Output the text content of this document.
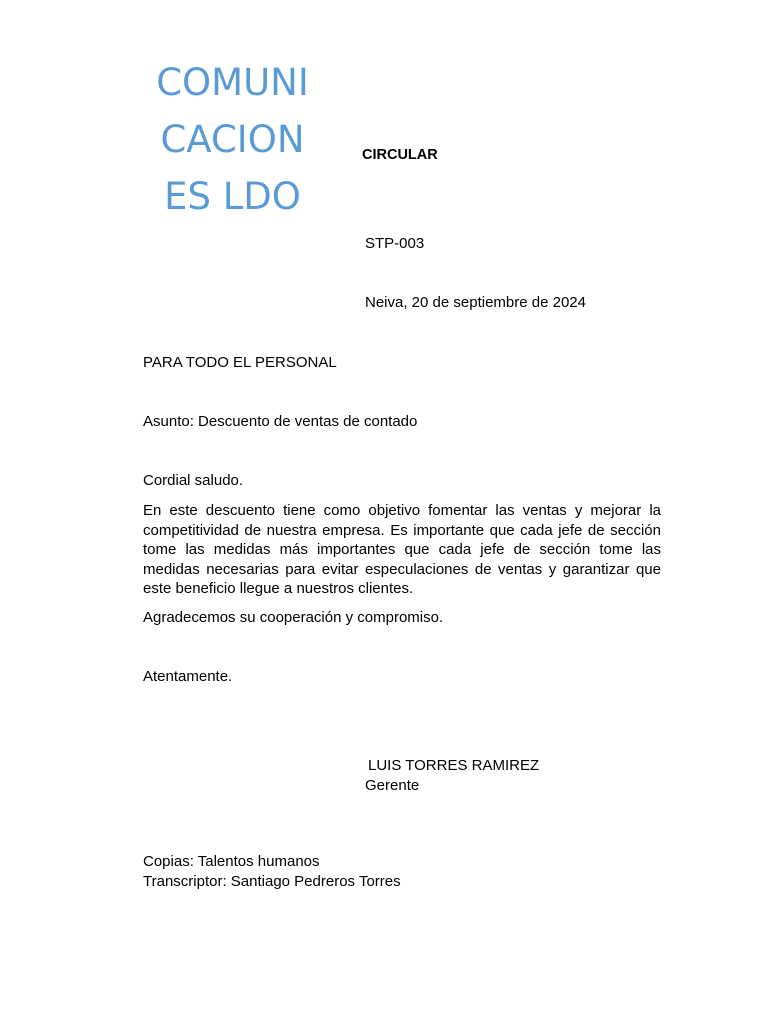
COMUNI
CACION
ES LDO
CIRCULAR
STP-003
Neiva, 20 de septiembre de 2024
PARA TODO EL PERSONAL
Asunto: Descuento de ventas de contado
Cordial saludo.
En este descuento tiene como objetivo fomentar las ventas y mejorar la competitividad de nuestra empresa. Es importante que cada jefe de sección tome las medidas más importantes que cada jefe de sección tome las medidas necesarias para evitar especulaciones de ventas y garantizar que este beneficio llegue a nuestros clientes.
Agradecemos su cooperación y compromiso.
Atentamente.
LUIS TORRES RAMIREZ
Gerente
Copias: Talentos humanos
Transcriptor: Santiago Pedreros Torres
